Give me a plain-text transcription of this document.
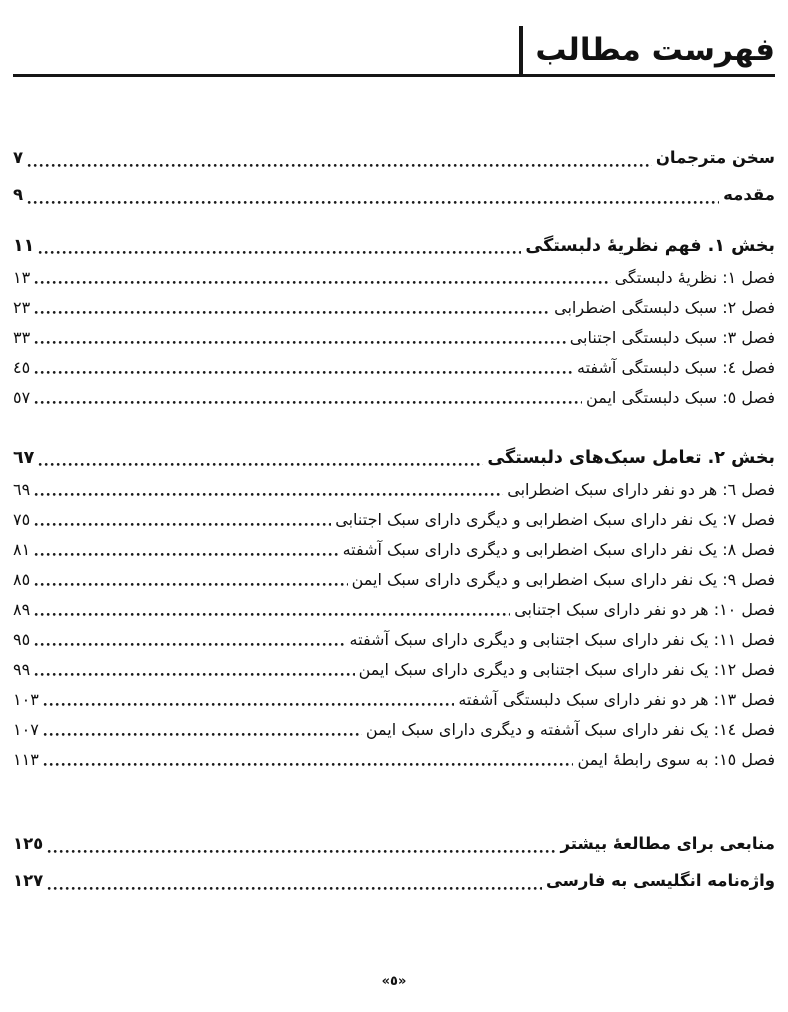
فهرست مطالب
سخن مترجمان
٧
مقدمه
٩
بخش ١. فهم نظریۀ دلبستگی
١١
فصل ١: نظریۀ دلبستگی
١٣
فصل ٢: سبک دلبستگی اضطرابی
٢٣
فصل ٣: سبک دلبستگی اجتنابی
٣٣
فصل ٤: سبک دلبستگی آشفته
٤٥
فصل ٥: سبک دلبستگی ایمن
٥٧
بخش ٢. تعامل سبک‌های دلبستگی
٦٧
فصل ٦: هر دو نفر دارای سبک اضطرابی
٦٩
فصل ٧: یک نفر دارای سبک اضطرابی و دیگری دارای سبک اجتنابی
٧٥
فصل ٨: یک نفر دارای سبک اضطرابی و دیگری دارای سبک آشفته
٨١
فصل ٩: یک نفر دارای سبک اضطرابی و دیگری دارای سبک ایمن
٨٥
فصل ١٠: هر دو نفر دارای سبک اجتنابی
٨٩
فصل ١١: یک نفر دارای سبک اجتنابی و دیگری دارای سبک آشفته
٩٥
فصل ١٢: یک نفر دارای سبک اجتنابی و دیگری دارای سبک ایمن
٩٩
فصل ١٣: هر دو نفر دارای سبک دلبستگی آشفته
١٠٣
فصل ١٤: یک نفر دارای سبک آشفته و دیگری دارای سبک ایمن
١٠٧
فصل ١٥: به سوی رابطۀ ایمن
١١٣
منابعی برای مطالعۀ بیشتر
١٢٥
واژه‌نامه انگلیسی به فارسی
١٢٧
«٥»
